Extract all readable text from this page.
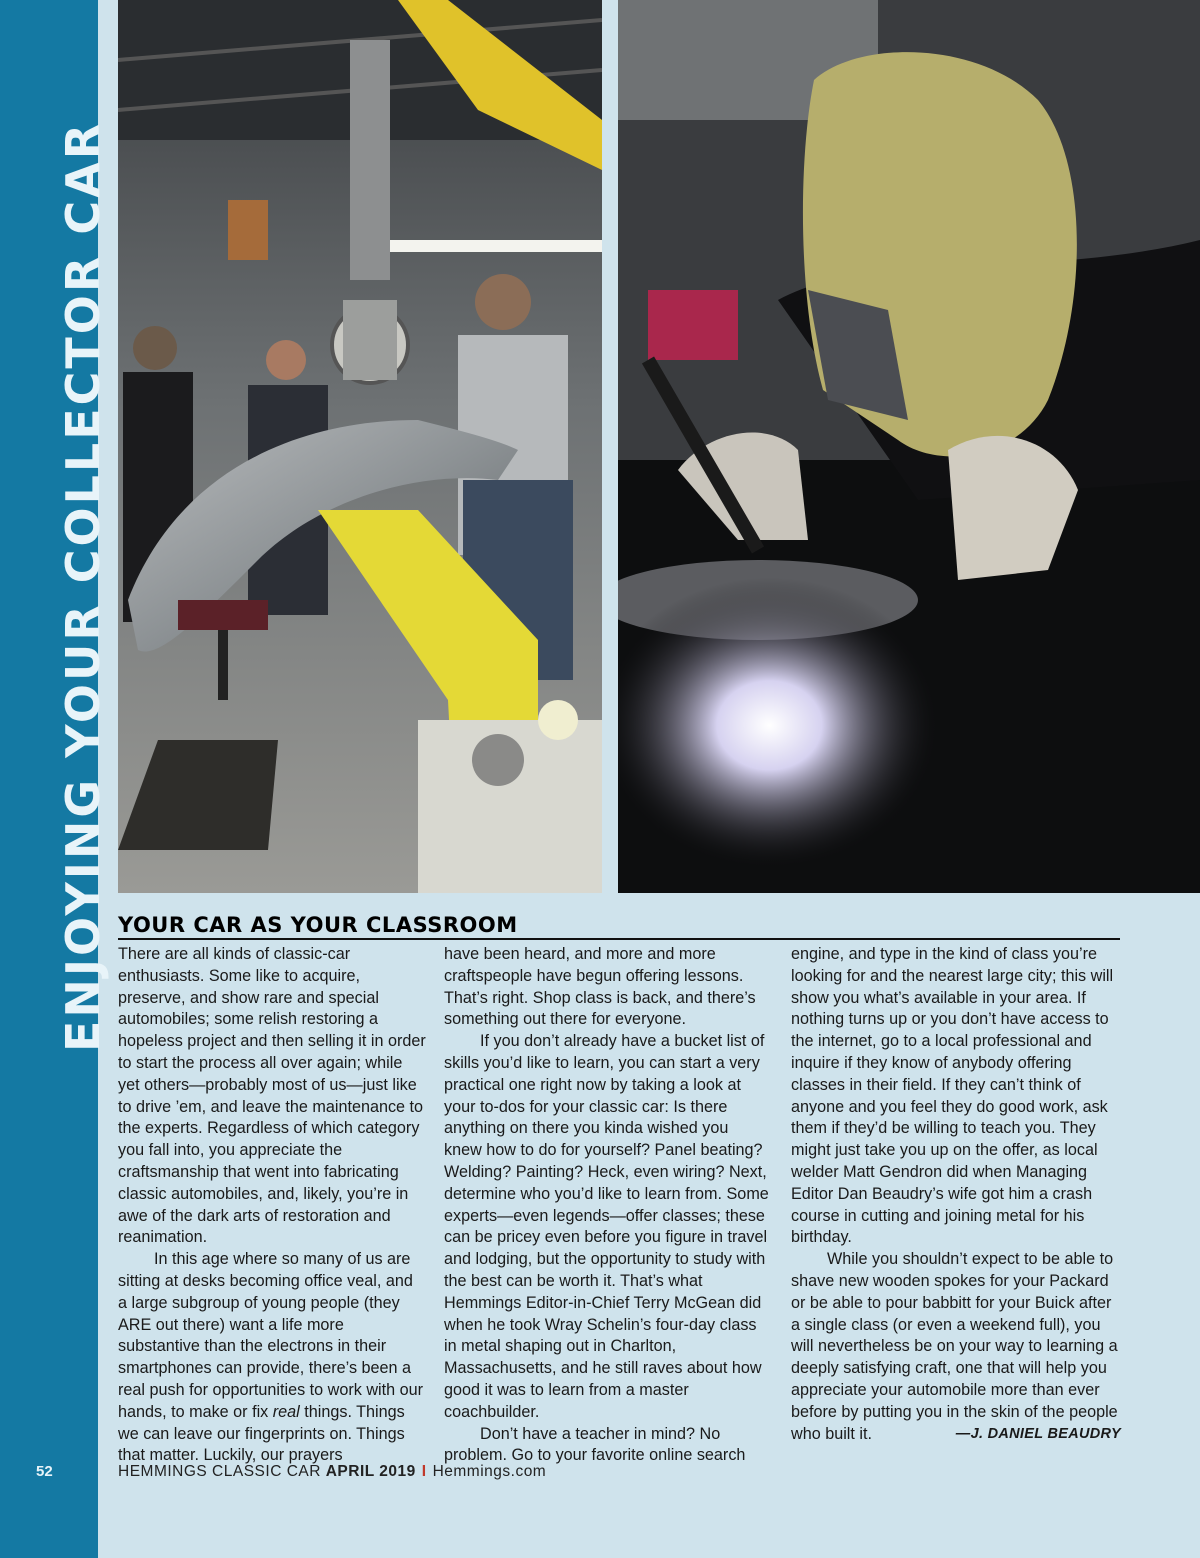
ENJOYING YOUR COLLECTOR CAR YOUR CAR AS YOUR CLASSROOM

There are all kinds of classic-car enthusiasts. Some like to acquire, preserve, and show rare and special automobiles; some relish restoring a hopeless project and then selling it in order to start the process all over again; while yet others—probably most of us—just like to drive ’em, and leave the maintenance to the experts. Regardless of which category you fall into, you appreciate the craftsmanship that went into fabricating classic automobiles, and, likely, you’re in awe of the dark arts of restoration and reanimation.

In this age where so many of us are sitting at desks becoming office veal, and a large subgroup of young people (they ARE out there) want a life more substantive than the electrons in their smartphones can provide, there’s been a real push for opportunities to work with our hands, to make or fix real things. Things we can leave our fingerprints on. Things that matter. Luckily, our prayers

have been heard, and more and more craftspeople have begun offering lessons. That’s right. Shop class is back, and there’s something out there for everyone.

If you don’t already have a bucket list of skills you’d like to learn, you can start a very practical one right now by taking a look at your to-dos for your classic car: Is there anything on there you kinda wished you knew how to do for yourself? Panel beating? Welding? Painting? Heck, even wiring? Next, determine who you’d like to learn from. Some experts—even legends—offer classes; these can be pricey even before you figure in travel and lodging, but the opportunity to study with the best can be worth it. That’s what Hemmings Editor-in-Chief Terry McGean did when he took Wray Schelin’s four-day class in metal shaping out in Charlton, Massachusetts, and he still raves about how good it was to learn from a master coachbuilder.

Don’t have a teacher in mind? No problem. Go to your favorite online search

engine, and type in the kind of class you’re looking for and the nearest large city; this will show you what’s available in your area. If nothing turns up or you don’t have access to the internet, go to a local professional and inquire if they know of anybody offering classes in their field. If they can’t think of anyone and you feel they do good work, ask them if they’d be willing to teach you. They might just take you up on the offer, as local welder Matt Gendron did when Managing Editor Dan Beaudry’s wife got him a crash course in cutting and joining metal for his birthday.

While you shouldn’t expect to be able to shave new wooden spokes for your Packard or be able to pour babbitt for your Buick after a single class (or even a weekend full), you will nevertheless be on your way to learning a deeply satisfying craft, one that will help you appreciate your automobile more than ever before by putting you in the skin of the people who built it.	—J. DANIEL BEAUDRY

52	HEMMINGS CLASSIC CAR APRIL 2019 I Hemmings.com
